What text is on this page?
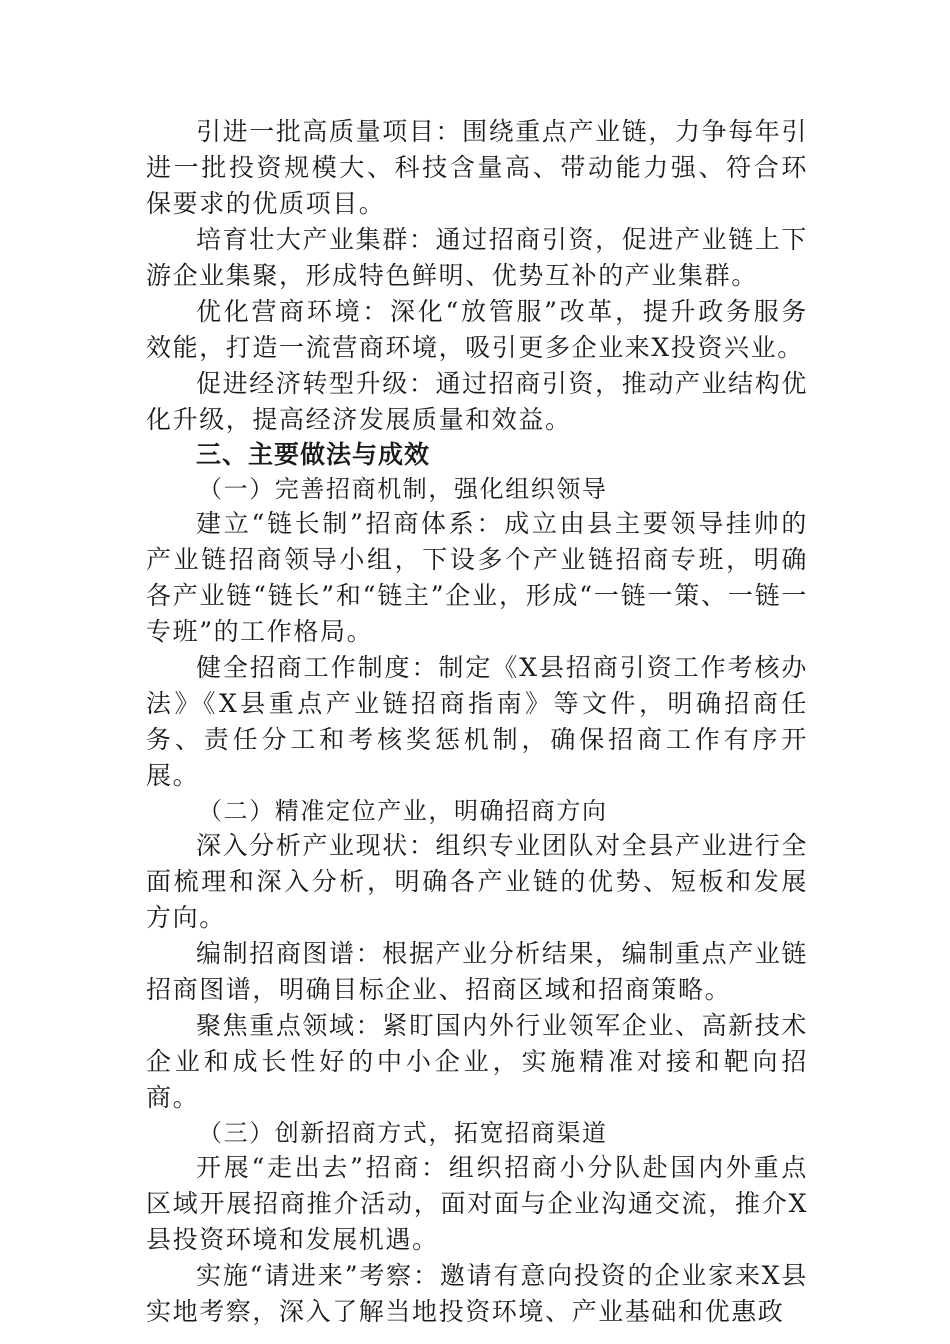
引进一批高质量项目：围绕重点产业链，力争每年引进一批投资规模大、科技含量高、带动能力强、符合环保要求的优质项目。

培育壮大产业集群：通过招商引资，促进产业链上下游企业集聚，形成特色鲜明、优势互补的产业集群。

优化营商环境：深化“放管服”改革，提升政务服务效能，打造一流营商环境，吸引更多企业来X投资兴业。

促进经济转型升级：通过招商引资，推动产业结构优化升级，提高经济发展质量和效益。

三、主要做法与成效

（一）完善招商机制，强化组织领导

建立“链长制”招商体系：成立由县主要领导挂帅的产业链招商领导小组，下设多个产业链招商专班，明确各产业链“链长”和“链主”企业，形成“一链一策、一链一专班”的工作格局。

健全招商工作制度：制定《X县招商引资工作考核办法》《X县重点产业链招商指南》等文件，明确招商任务、责任分工和考核奖惩机制，确保招商工作有序开展。

（二）精准定位产业，明确招商方向

深入分析产业现状：组织专业团队对全县产业进行全面梳理和深入分析，明确各产业链的优势、短板和发展方向。

编制招商图谱：根据产业分析结果，编制重点产业链招商图谱，明确目标企业、招商区域和招商策略。

聚焦重点领域：紧盯国内外行业领军企业、高新技术企业和成长性好的中小企业，实施精准对接和靶向招商。

（三）创新招商方式，拓宽招商渠道

开展“走出去”招商：组织招商小分队赴国内外重点区域开展招商推介活动，面对面与企业沟通交流，推介X县投资环境和发展机遇。

实施“请进来”考察：邀请有意向投资的企业家来X县实地考察，深入了解当地投资环境、产业基础和优惠政
